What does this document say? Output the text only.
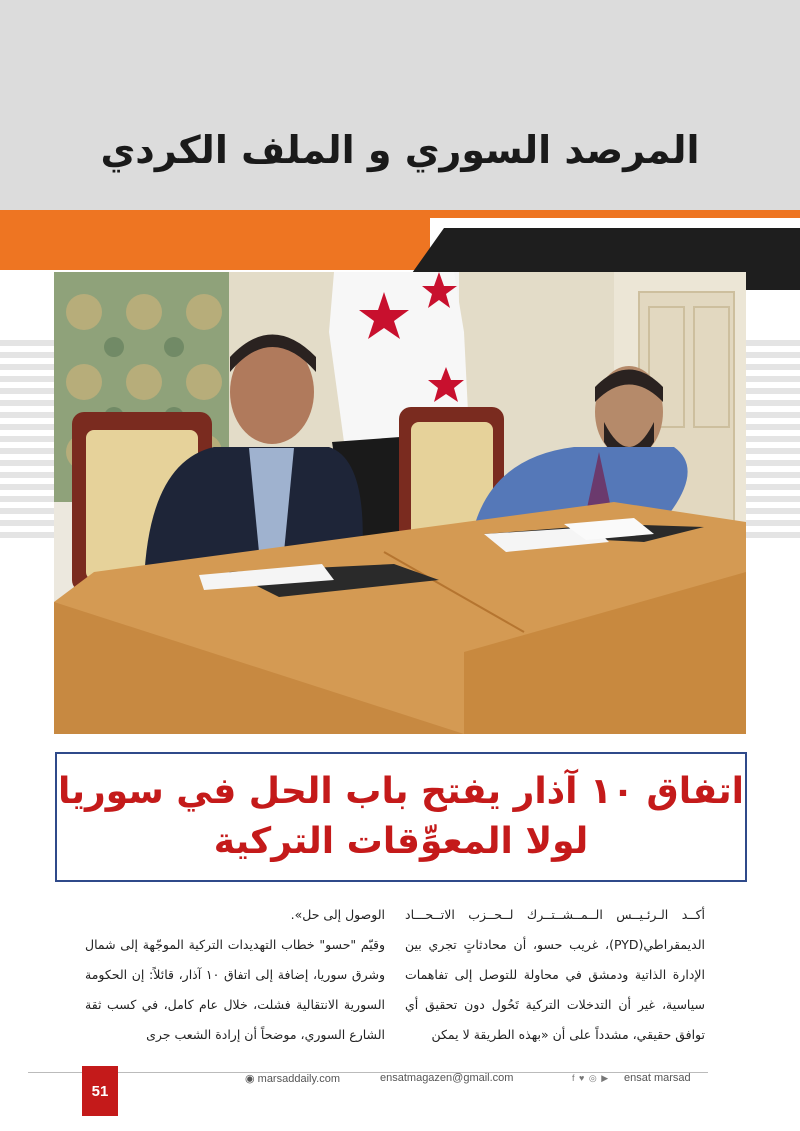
المرصد السوري و الملف الكردي
اتفاق ١٠ آذار يفتح باب الحل في سوريا
لولا المعوِّقات التركية

أكــد الـرئـيــس الــمــشــتــرك لــحــزب الاتــحـــاد الديمقراطي(PYD)، غريب حسو، أن محادثاتٍ تجري بين الإدارة الذاتية ودمشق في محاولة للتوصل إلى تفاهمات سياسية، غير أن التدخلات التركية تَحُول دون تحقيق أي توافق حقيقي، مشدداً على أن «بهذه الطريقة لا يمكن

الوصول إلى حل».

وقيّم "حسو" خطاب التهديدات التركية الموجّهة إلى شمال وشرق سوريا، إضافة إلى اتفاق ١٠ آذار، قائلاً: إن الحكومة السورية الانتقالية فشلت، خلال عام كامل، في كسب ثقة الشارع السوري، موضحاً أن إرادة الشعب جرى

51
◉ marsaddaily.com	ensatmagazen@gmail.com	f ♥ ◎ ▶ ensat marsad
